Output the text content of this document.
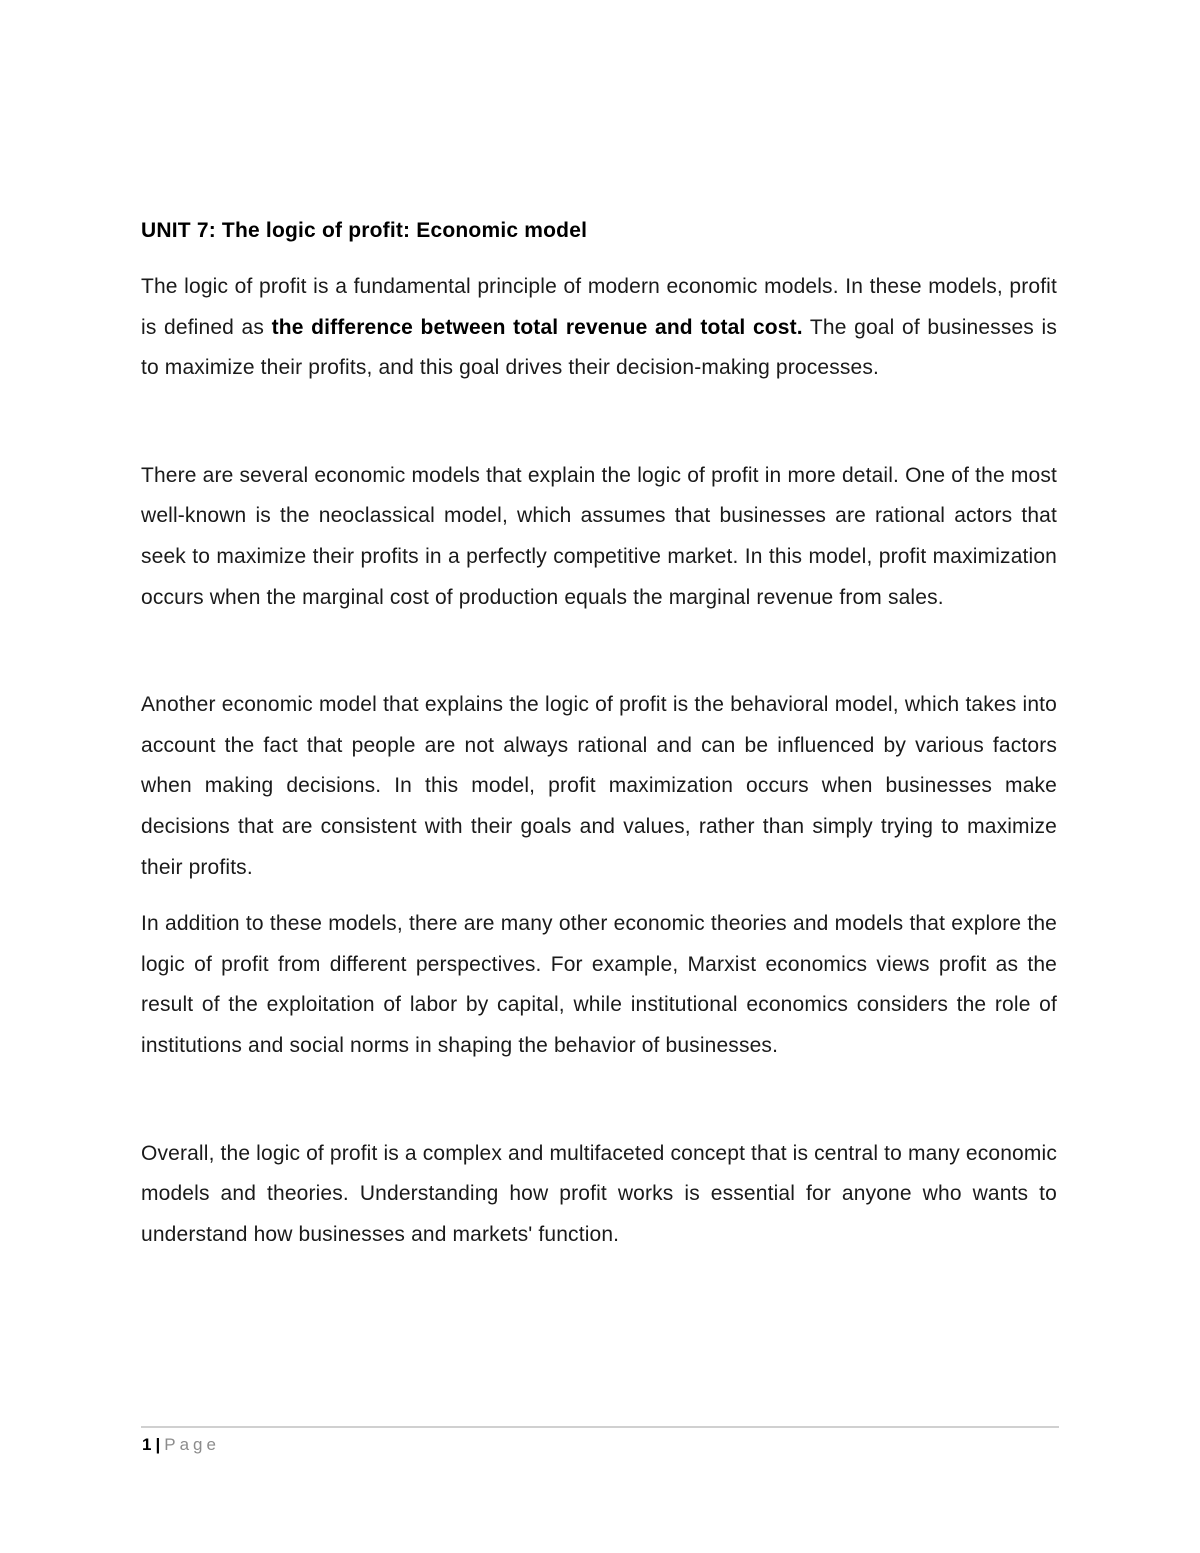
UNIT 7: The logic of profit: Economic model

The logic of profit is a fundamental principle of modern economic models. In these models, profit is defined as the difference between total revenue and total cost. The goal of businesses is to maximize their profits, and this goal drives their decision-making processes.

There are several economic models that explain the logic of profit in more detail. One of the most well-known is the neoclassical model, which assumes that businesses are rational actors that seek to maximize their profits in a perfectly competitive market. In this model, profit maximization occurs when the marginal cost of production equals the marginal revenue from sales.

Another economic model that explains the logic of profit is the behavioral model, which takes into account the fact that people are not always rational and can be influenced by various factors when making decisions. In this model, profit maximization occurs when businesses make decisions that are consistent with their goals and values, rather than simply trying to maximize their profits.

In addition to these models, there are many other economic theories and models that explore the logic of profit from different perspectives. For example, Marxist economics views profit as the result of the exploitation of labor by capital, while institutional economics considers the role of institutions and social norms in shaping the behavior of businesses.

Overall, the logic of profit is a complex and multifaceted concept that is central to many economic models and theories. Understanding how profit works is essential for anyone who wants to understand how businesses and markets' function.

1 | Page
